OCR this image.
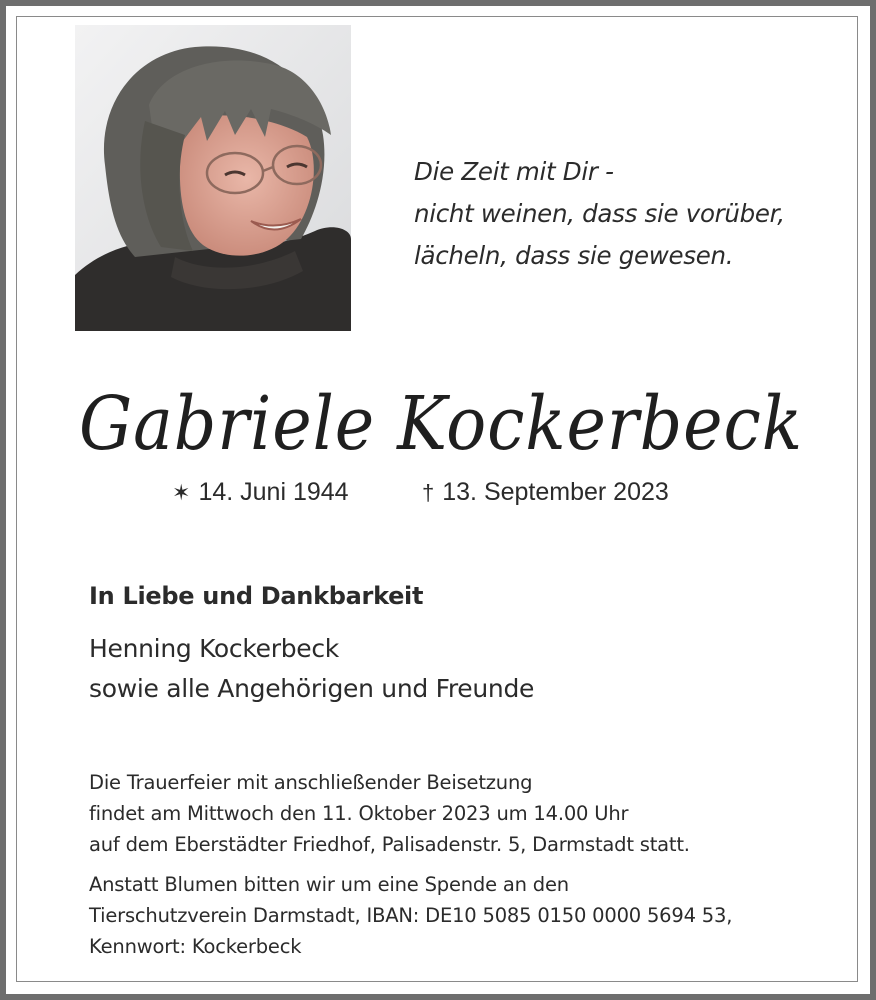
Die Zeit mit Dir -
nicht weinen, dass sie vorüber,
lächeln, dass sie gewesen.
Gabriele Kockerbeck
✶ 14. Juni 1944	† 13. September 2023
In Liebe und Dankbarkeit
Henning Kockerbeck
sowie alle Angehörigen und Freunde
Die Trauerfeier mit anschließender Beisetzung
findet am Mittwoch den 11. Oktober 2023 um 14.00 Uhr
auf dem Eberstädter Friedhof, Palisadenstr. 5, Darmstadt statt.
Anstatt Blumen bitten wir um eine Spende an den
Tierschutzverein Darmstadt, IBAN: DE10 5085 0150 0000 5694 53,
Kennwort: Kockerbeck
